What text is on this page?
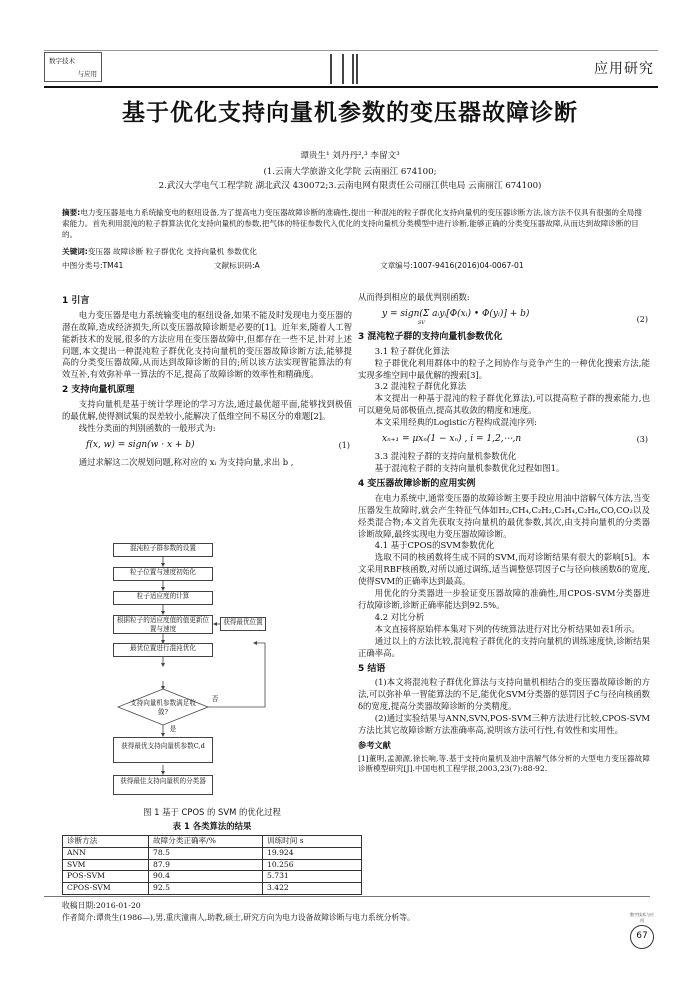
数字技术
与应用	应用研究
基于优化支持向量机参数的变压器故障诊断
谭贵生¹ 刘丹丹²,³ 李留文³
(1.云南大学旅游文化学院 云南丽江 674100;
2.武汉大学电气工程学院 湖北武汉 430072;3.云南电网有限责任公司丽江供电局 云南丽江 674100)
摘要:电力变压器是电力系统输变电的枢纽设备,为了提高电力变压器故障诊断的准确性,提出一种混沌的粒子群优化支持向量机的变压器诊断方法,该方法不仅具有很强的全局搜索能力。首先利用混沌的粒子群算法优化支持向量机的参数,把气体的特征参数代入优化的支持向量机分类模型中进行诊断,能够正确的分类变压器故障,从而达到故障诊断的目的。
关键词:变压器 故障诊断 粒子群优化 支持向量机 参数优化
中图分类号:TM41	文献标识码:A	文章编号:1007-9416(2016)04-0067-01
1 引言

电力变压器是电力系统输变电的枢纽设备,如果不能及时发现电力变压器的潜在故障,造成经济损失,所以变压器故障诊断是必要的[1]。近年来,随着人工智能新技术的发展,很多的方法应用在变压器故障中,但都存在一些不足,针对上述问题,本文提出一种混沌粒子群优化支持向量机的变压器故障诊断方法,能够提高的分类变压器故障,从而达到故障诊断的目的;所以该方法实现智能算法的有效互补,有效弥补单一算法的不足,提高了故障诊断的效率性和精确度。

2 支持向量机原理

支持向量机是基于统计学理论的学习方法,通过最优超平面,能够找到极值的最优解,使得测试集的误差较小,能解决了低维空间不易区分的难题[2]。

线性分类面的判别函数的一般形式为:

f(x, w) = sign(w · x + b)	(1)

通过求解这二次规划问题,称对应的 xᵢ 为支持向量,求出 b ,

混沌粒子群参数的设置
粒子位置与速度初始化
粒子适应度的计算
根据粒子的适应度值的值更新位置与速度
获得最优位置
最优位置进行混沌优化
支持向量机参数满足收敛?
否
是
获得最优支持向量机参数C,d
获得最佳支持向量机的分类器
图 1 基于 CPOS 的 SVM 的优化过程
表 1 各类算法的结果
诊断方法	故障分类正确率/%	训练时间 s
ANN	78.5	19.924
SVM	87.9	10.256
POS-SVM	90.4	5.731
CPOS-SVM	92.5	3.422

从而得到相应的最优判别函数:

y = sign(Σ aᵢyᵢ[Φ(xᵢ) • Φ(yᵢ)] + b)
SV	(2)
3 混沌粒子群的支持向量机参数优化
3.1 粒子群优化算法

粒子群优化利用群体中的粒子之间协作与竞争产生的一种优化搜索方法,能实现多维空间中最优解的搜索[3]。

3.2 混沌粒子群优化算法

本文提出一种基于混沌的粒子群优化算法),可以提高粒子群的搜索能力,也可以避免局部极值点,提高其收敛的精度和速度。

本文采用经典的Logistic方程构成混沌序列:

xₙ₊₁ = μxₙ(1 − xₙ) , i = 1,2,⋯,n	(3)
3.3 混沌粒子群的支持向量机参数优化

基于混沌粒子群的支持向量机参数优化过程如图1。

4 变压器故障诊断的应用实例

在电力系统中,通常变压器的故障诊断主要手段应用油中溶解气体方法,当变压器发生故障时,就会产生特征气体如H₂,CH₄,C₂H₂,C₂H₄,C₂H₆,CO,CO₂以及烃类混合物;本文首先获取支持向量机的最优参数,其次,由支持向量机的分类器诊断故障,最终实现电力变压器故障诊断。

4.1 基于CPOS的SVM参数优化

选取不同的核函数将生成不同的SVM,而对诊断结果有很大的影响[5]。本文采用RBF核函数,对所以通过调练,适当调整惩罚因子C与径向核函数δ的宽度,使得SVM的正确率达到最高。

用优化的分类器进一步验证变压器故障的准确性,用CPOS-SVM分类器进行故障诊断,诊断正确率能达到92.5%。

4.2 对比分析

本文直接将原始样本集对下列的传统算法进行对比分析结果如表1所示。

通过以上的方法比较,混沌粒子群优化的支持向量机的训练速度快,诊断结果正确率高。

5 结语

(1)本文将混沌粒子群优化算法与支持向量机相结合的变压器故障诊断的方法,可以弥补单一智能算法的不足,能优化SVM分类器的惩罚因子C与径向核函数δ的宽度,提高分类器故障诊断的分类精度。

(2)通过实验结果与ANN,SVN,POS-SVM三种方法进行比较,CPOS-SVM方法比其它故障诊断方法准确率高,说明该方法可行性,有效性和实用性。

参考文献
[1]董明,孟源源,徐长响,等.基于支持向量机及油中溶解气体分析的大型电力变压器故障诊断模型研究[J].中国电机工程学报,2003,23(7):88-92.
收稿日期:2016-01-20
作者简介:谭贵生(1986—),男,重庆潼南人,助教,硕士,研究方向为电力设备故障诊断与电力系统分析等。	数字技术与应用
67
